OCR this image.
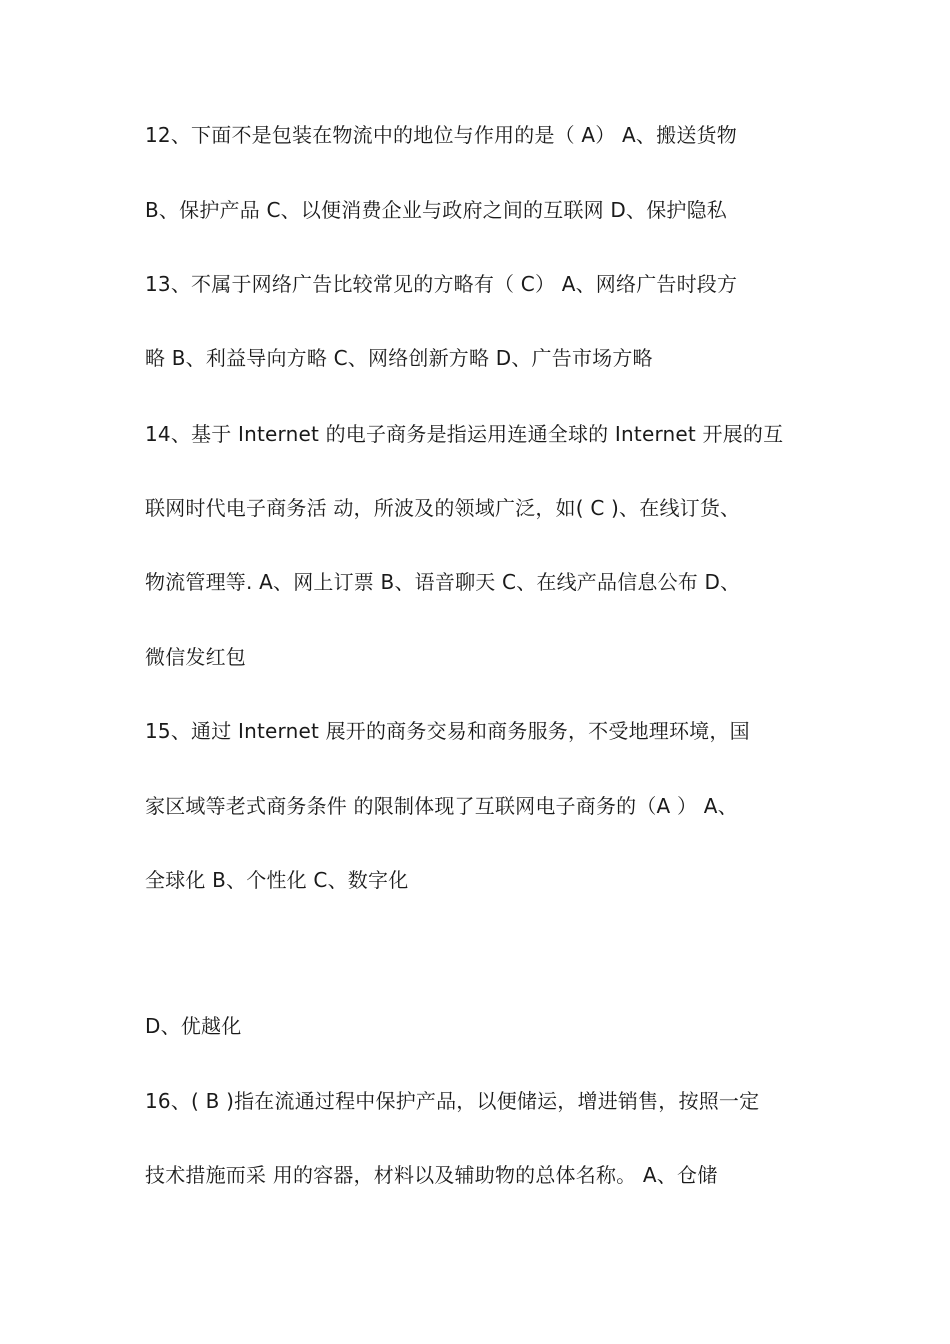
12、下面不是包装在物流中的地位与作用的是（ A） A、搬送货物
B、保护产品 C、以便消费企业与政府之间的互联网 D、保护隐私
13、不属于网络广告比较常见的方略有（ C） A、网络广告时段方
略 B、利益导向方略 C、网络创新方略 D、广告市场方略
14、基于 Internet 的电子商务是指运用连通全球的 Internet 开展的互
联网时代电子商务活 动，所波及的领域广泛，如( C )、在线订货、
物流管理等. A、网上订票 B、语音聊天 C、在线产品信息公布 D、
微信发红包
15、通过 Internet 展开的商务交易和商务服务，不受地理环境，国
家区域等老式商务条件 的限制体现了互联网电子商务的（A ） A、
全球化 B、个性化 C、数字化
D、优越化
16、( B )指在流通过程中保护产品，以便储运，增进销售，按照一定
技术措施而采 用的容器，材料以及辅助物的总体名称。 A、仓储
